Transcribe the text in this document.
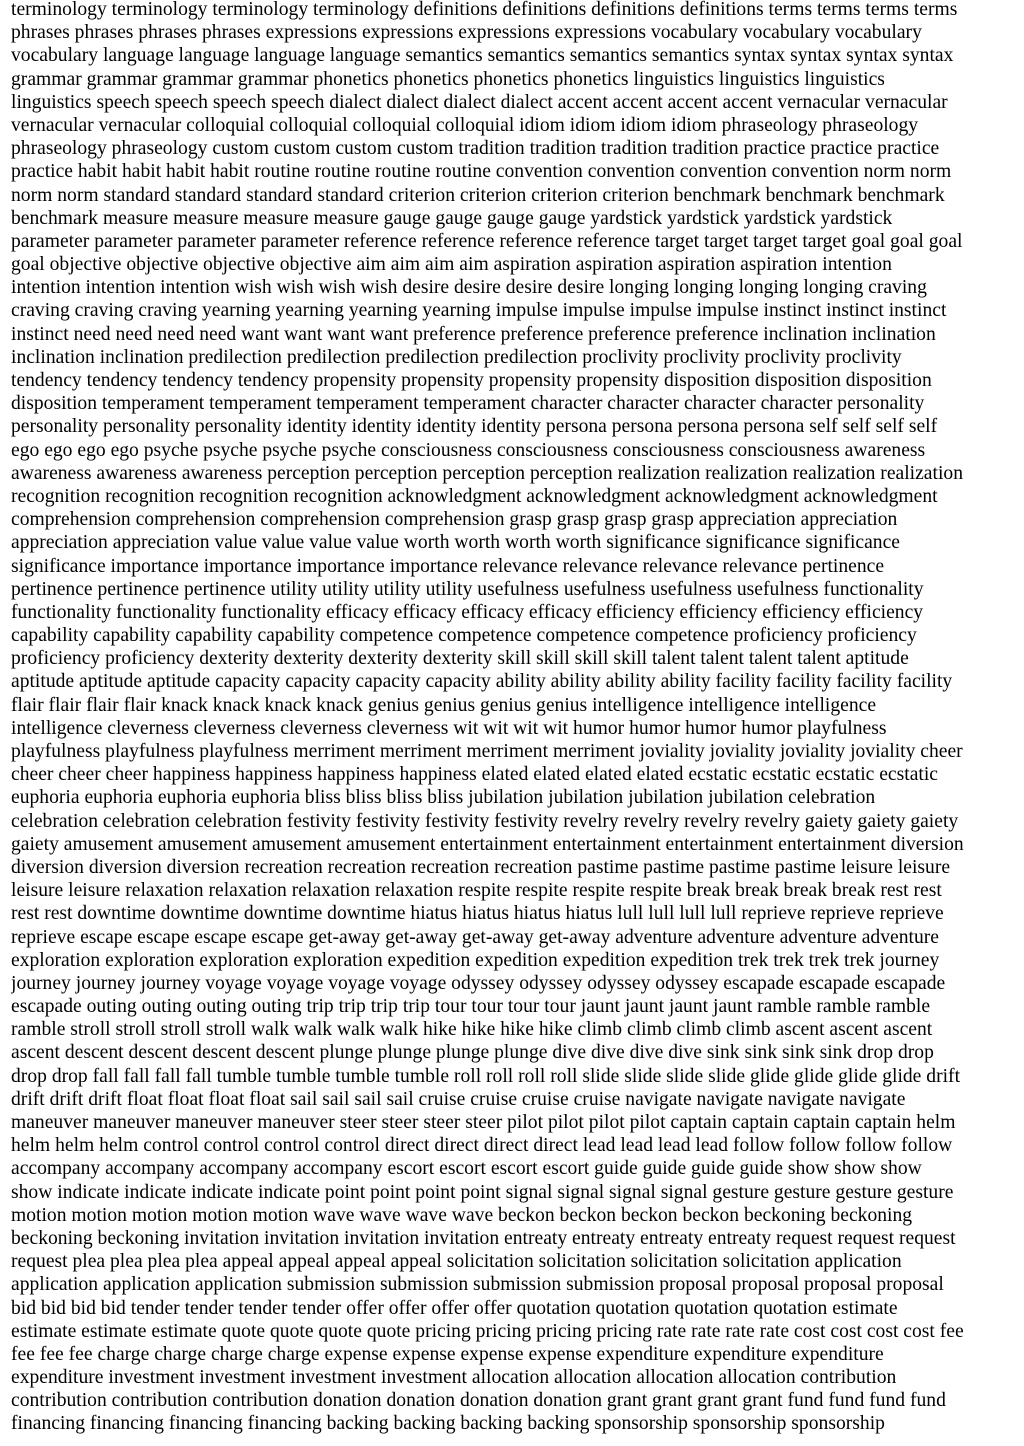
terminology terminology terminology terminology definitions definitions definitions definitions terms terms terms terms
phrases phrases phrases phrases expressions expressions expressions expressions vocabulary vocabulary vocabulary
vocabulary language language language language semantics semantics semantics semantics syntax syntax syntax syntax
grammar grammar grammar grammar phonetics phonetics phonetics phonetics linguistics linguistics linguistics
linguistics speech speech speech speech dialect dialect dialect dialect accent accent accent accent vernacular vernacular
vernacular vernacular colloquial colloquial colloquial colloquial idiom idiom idiom idiom phraseology phraseology
phraseology phraseology custom custom custom custom tradition tradition tradition tradition practice practice practice
practice habit habit habit habit routine routine routine routine convention convention convention convention norm norm
norm norm standard standard standard standard criterion criterion criterion criterion benchmark benchmark benchmark
benchmark measure measure measure measure gauge gauge gauge gauge yardstick yardstick yardstick yardstick
parameter parameter parameter parameter reference reference reference reference target target target target goal goal goal
goal objective objective objective objective aim aim aim aim aspiration aspiration aspiration aspiration intention
intention intention intention wish wish wish wish desire desire desire desire longing longing longing longing craving
craving craving craving yearning yearning yearning yearning impulse impulse impulse impulse instinct instinct instinct
instinct need need need need want want want want preference preference preference preference inclination inclination
inclination inclination predilection predilection predilection predilection proclivity proclivity proclivity proclivity
tendency tendency tendency tendency propensity propensity propensity propensity disposition disposition disposition
disposition temperament temperament temperament temperament character character character character personality
personality personality personality identity identity identity identity persona persona persona persona self self self self
ego ego ego ego psyche psyche psyche psyche consciousness consciousness consciousness consciousness awareness
awareness awareness awareness perception perception perception perception realization realization realization realization
recognition recognition recognition recognition acknowledgment acknowledgment acknowledgment acknowledgment
comprehension comprehension comprehension comprehension grasp grasp grasp grasp appreciation appreciation
appreciation appreciation value value value value worth worth worth worth significance significance significance
significance importance importance importance importance relevance relevance relevance relevance pertinence
pertinence pertinence pertinence utility utility utility utility usefulness usefulness usefulness usefulness functionality
functionality functionality functionality efficacy efficacy efficacy efficacy efficiency efficiency efficiency efficiency
capability capability capability capability competence competence competence competence proficiency proficiency
proficiency proficiency dexterity dexterity dexterity dexterity skill skill skill skill talent talent talent talent aptitude
aptitude aptitude aptitude capacity capacity capacity capacity ability ability ability ability facility facility facility facility
flair flair flair flair knack knack knack knack genius genius genius genius intelligence intelligence intelligence
intelligence cleverness cleverness cleverness cleverness wit wit wit wit humor humor humor humor playfulness
playfulness playfulness playfulness merriment merriment merriment merriment joviality joviality joviality joviality cheer
cheer cheer cheer happiness happiness happiness happiness elated elated elated elated ecstatic ecstatic ecstatic ecstatic
euphoria euphoria euphoria euphoria bliss bliss bliss bliss jubilation jubilation jubilation jubilation celebration
celebration celebration celebration festivity festivity festivity festivity revelry revelry revelry revelry gaiety gaiety gaiety
gaiety amusement amusement amusement amusement entertainment entertainment entertainment entertainment diversion
diversion diversion diversion recreation recreation recreation recreation pastime pastime pastime pastime leisure leisure
leisure leisure relaxation relaxation relaxation relaxation respite respite respite respite break break break break rest rest
rest rest downtime downtime downtime downtime hiatus hiatus hiatus hiatus lull lull lull lull reprieve reprieve reprieve
reprieve escape escape escape escape get-away get-away get-away get-away adventure adventure adventure adventure
exploration exploration exploration exploration expedition expedition expedition expedition trek trek trek trek journey
journey journey journey voyage voyage voyage voyage odyssey odyssey odyssey odyssey escapade escapade escapade
escapade outing outing outing outing trip trip trip trip tour tour tour tour jaunt jaunt jaunt jaunt ramble ramble ramble
ramble stroll stroll stroll stroll walk walk walk walk hike hike hike hike climb climb climb climb ascent ascent ascent
ascent descent descent descent descent plunge plunge plunge plunge dive dive dive dive sink sink sink sink drop drop
drop drop fall fall fall fall tumble tumble tumble tumble roll roll roll roll slide slide slide slide glide glide glide glide drift
drift drift drift float float float float sail sail sail sail cruise cruise cruise cruise navigate navigate navigate navigate
maneuver maneuver maneuver maneuver steer steer steer steer pilot pilot pilot pilot captain captain captain captain helm
helm helm helm control control control control direct direct direct direct lead lead lead lead follow follow follow follow
accompany accompany accompany accompany escort escort escort escort guide guide guide guide show show show
show indicate indicate indicate indicate point point point point signal signal signal signal gesture gesture gesture gesture
motion motion motion motion motion wave wave wave wave beckon beckon beckon beckon beckoning beckoning
beckoning beckoning invitation invitation invitation invitation entreaty entreaty entreaty entreaty request request request
request plea plea plea plea appeal appeal appeal appeal solicitation solicitation solicitation solicitation application
application application application submission submission submission submission proposal proposal proposal proposal
bid bid bid bid tender tender tender tender offer offer offer offer quotation quotation quotation quotation estimate
estimate estimate estimate quote quote quote quote pricing pricing pricing pricing rate rate rate rate cost cost cost cost fee
fee fee fee charge charge charge charge expense expense expense expense expenditure expenditure expenditure
expenditure investment investment investment investment allocation allocation allocation allocation contribution
contribution contribution contribution donation donation donation donation grant grant grant grant fund fund fund fund
financing financing financing financing backing backing backing backing sponsorship sponsorship sponsorship
